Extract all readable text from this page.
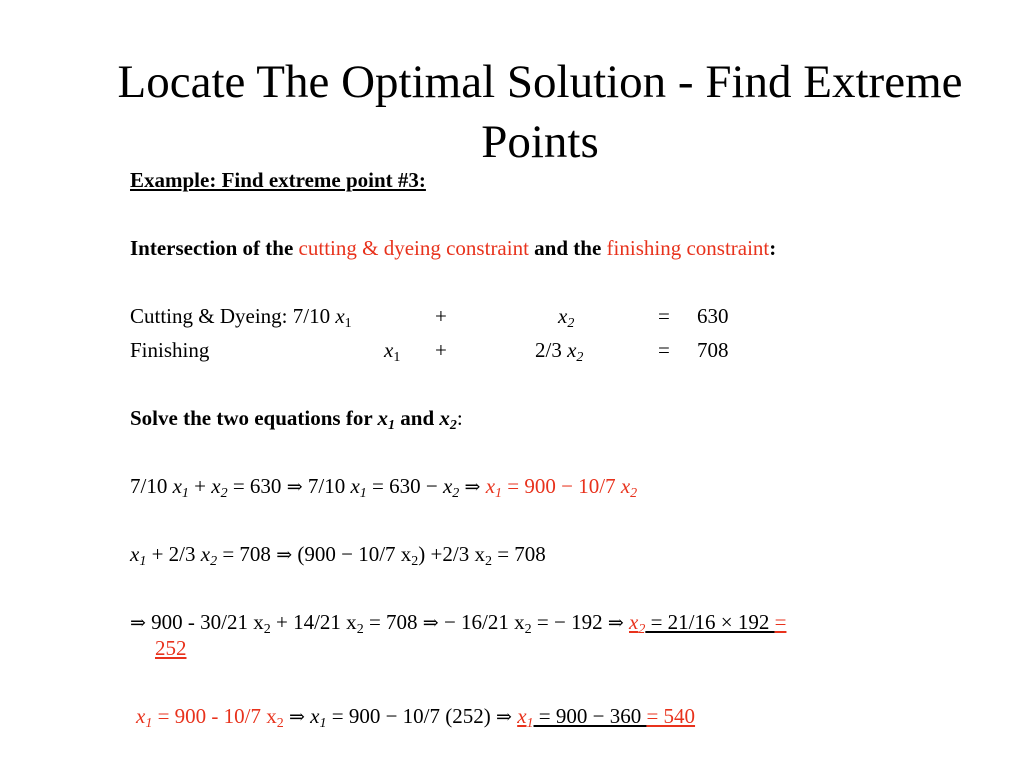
Locate The Optimal Solution - Find Extreme
Points
Example: Find extreme point #3:
Intersection of the cutting & dyeing constraint and the finishing constraint:
Cutting & Dyeing: 7/10 $x_1$	+	$x_2$	= 630
Finishing	$x_1$ +	2/3 $x_2$	= 708
Solve the two equations for $x_1$ and $x_2$:
7/10 $x_1 + x_2 = 630$ ⇒ 7/10 $x_1 = 630 - x_2$ ⇒ $x_1 = 900 - 10/7$ $x_2$
$x_1 + 2/3$ $x_2 = 708$ ⇒ (900 − 10/7 $x_2) +2/3$ $x_2 = 708$
⇒ 900 - 30/21 $x_2 + 14/21$ $x_2 = 708$ ⇒ − 16/21 $x_2$ = − 192 ⇒ $x_2 = 21/16 \times 192$ =
252
$x_1 = 900 - 10/7$ $x_2$ ⇒ $x_1 = 900 - 10/7$ (252) ⇒ $x_1 = 900 - 360 = 540$
